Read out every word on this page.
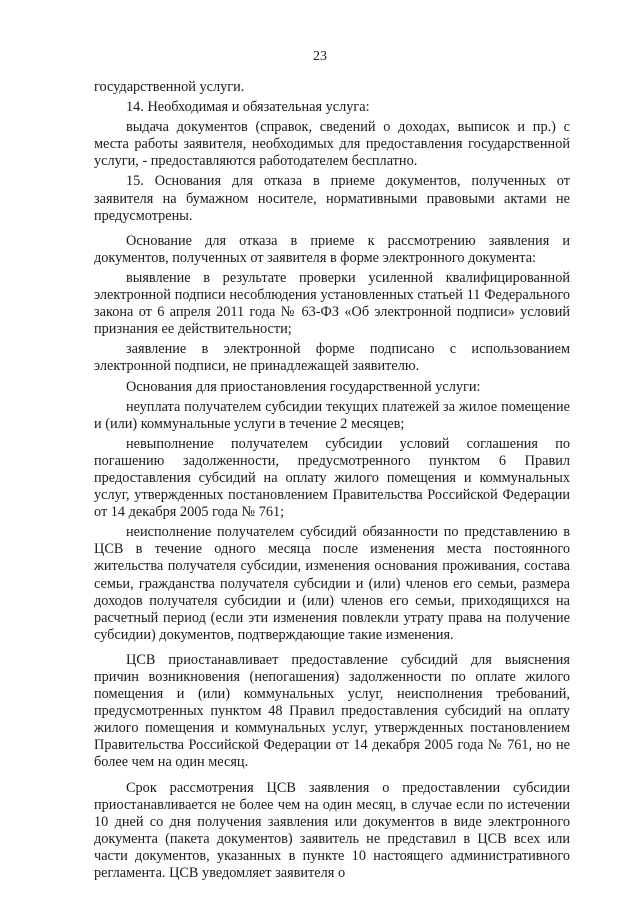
23

государственной услуги.

14. Необходимая и обязательная услуга:

выдача документов (справок, сведений о доходах, выписок и пр.) с места работы заявителя, необходимых для предоставления государственной услуги, - предоставляются работодателем бесплатно.

15. Основания для отказа в приеме документов, полученных от заявителя на бумажном носителе, нормативными правовыми актами не предусмотрены.

Основание для отказа в приеме к рассмотрению заявления и документов, полученных от заявителя в форме электронного документа:

выявление в результате проверки усиленной квалифицированной электронной подписи несоблюдения установленных статьей 11 Федерального закона от 6 апреля 2011 года № 63-ФЗ «Об электронной подписи» условий признания ее действительности;

заявление в электронной форме подписано с использованием электронной подписи, не принадлежащей заявителю.

Основания для приостановления государственной услуги:

неуплата получателем субсидии текущих платежей за жилое помещение и (или) коммунальные услуги в течение 2 месяцев;

невыполнение получателем субсидии условий соглашения по погашению задолженности, предусмотренного пунктом 6 Правил предоставления субсидий на оплату жилого помещения и коммунальных услуг, утвержденных постановлением Правительства Российской Федерации от 14 декабря 2005 года № 761;

неисполнение получателем субсидий обязанности по представлению в ЦСВ в течение одного месяца после изменения места постоянного жительства получателя субсидии, изменения основания проживания, состава семьи, гражданства получателя субсидии и (или) членов его семьи, размера доходов получателя субсидии и (или) членов его семьи, приходящихся на расчетный период (если эти изменения повлекли утрату права на получение субсидии) документов, подтверждающие такие изменения.

ЦСВ приостанавливает предоставление субсидий для выяснения причин возникновения (непогашения) задолженности по оплате жилого помещения и (или) коммунальных услуг, неисполнения требований, предусмотренных пунктом 48 Правил предоставления субсидий на оплату жилого помещения и коммунальных услуг, утвержденных постановлением Правительства Российской Федерации от 14 декабря 2005 года № 761, но не более чем на один месяц.

Срок рассмотрения ЦСВ заявления о предоставлении субсидии приостанавливается не более чем на один месяц, в случае если по истечении 10 дней со дня получения заявления или документов в виде электронного документа (пакета документов) заявитель не представил в ЦСВ всех или части документов, указанных в пункте 10 настоящего административного регламента. ЦСВ уведомляет заявителя о
